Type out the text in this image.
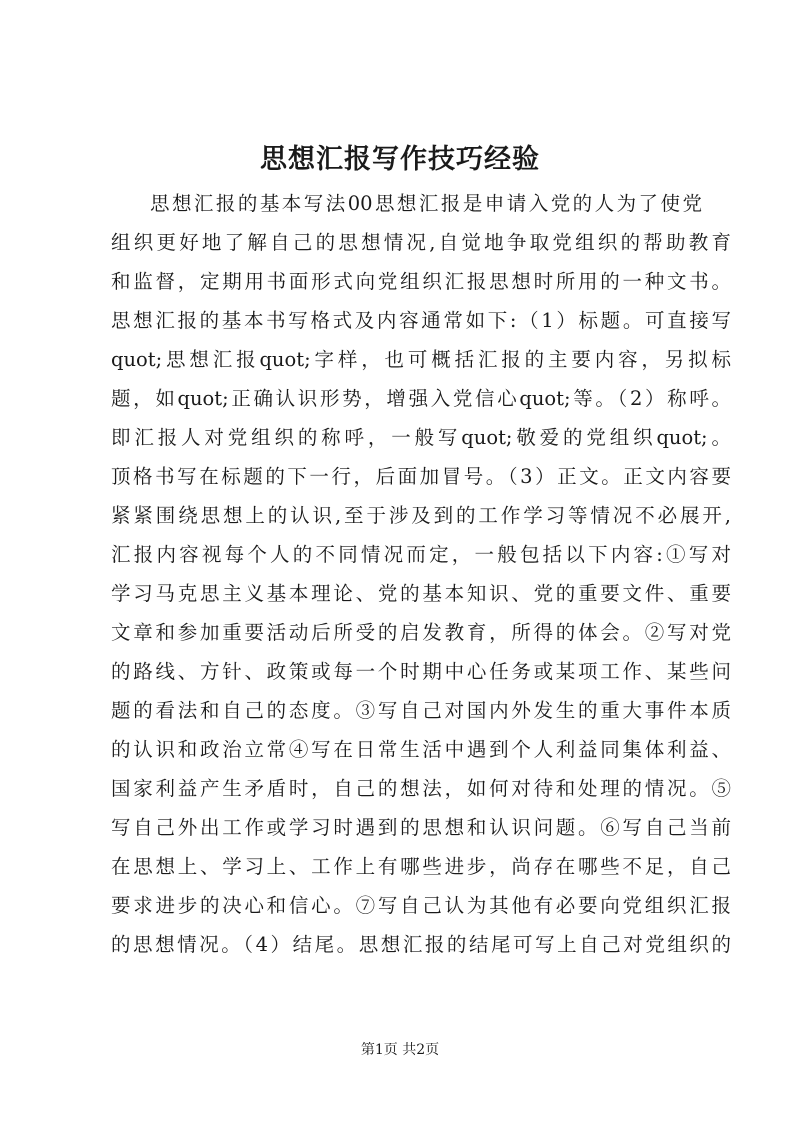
思想汇报写作技巧经验
思想汇报的基本写法00思想汇报是申请入党的人为了使党
组织更好地了解自己的思想情况,自觉地争取党组织的帮助教育
和监督，定期用书面形式向党组织汇报思想时所用的一种文书。
思想汇报的基本书写格式及内容通常如下:（1）标题。可直接写
quot;思想汇报quot;字样，也可概括汇报的主要内容，另拟标
题，如quot;正确认识形势，增强入党信心quot;等。（2）称呼。
即汇报人对党组织的称呼，一般写quot;敬爱的党组织quot;。
顶格书写在标题的下一行，后面加冒号。（3）正文。正文内容要
紧紧围绕思想上的认识,至于涉及到的工作学习等情况不必展开,
汇报内容视每个人的不同情况而定，一般包括以下内容:①写对
学习马克思主义基本理论、党的基本知识、党的重要文件、重要
文章和参加重要活动后所受的启发教育，所得的体会。②写对党
的路线、方针、政策或每一个时期中心任务或某项工作、某些问
题的看法和自己的态度。③写自己对国内外发生的重大事件本质
的认识和政治立常④写在日常生活中遇到个人利益同集体利益、
国家利益产生矛盾时，自己的想法，如何对待和处理的情况。⑤
写自己外出工作或学习时遇到的思想和认识问题。⑥写自己当前
在思想上、学习上、工作上有哪些进步，尚存在哪些不足，自己
要求进步的决心和信心。⑦写自己认为其他有必要向党组织汇报
的思想情况。（4）结尾。思想汇报的结尾可写上自己对党组织的
第1页 共2页
